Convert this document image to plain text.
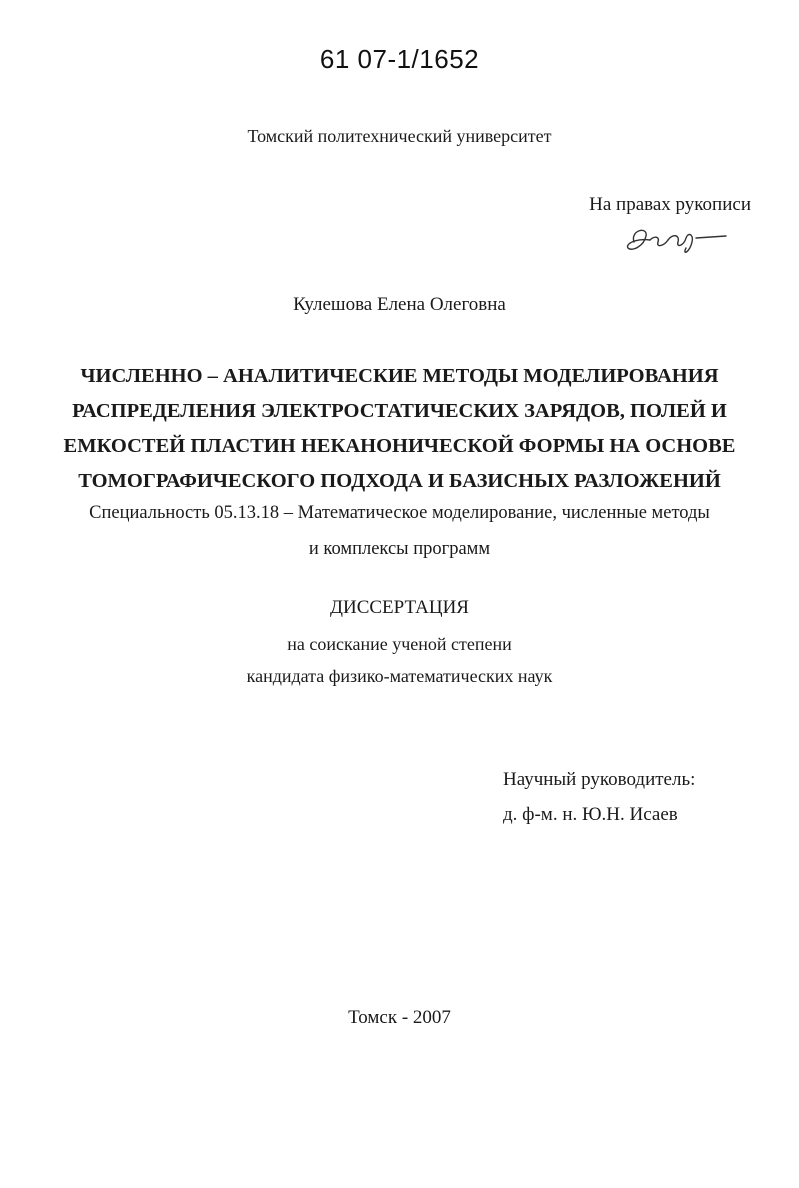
61 07-1/1652
Томский политехнический университет
На правах рукописи
Кулешова Елена Олеговна
ЧИСЛЕННО – АНАЛИТИЧЕСКИЕ МЕТОДЫ МОДЕЛИРОВАНИЯ
РАСПРЕДЕЛЕНИЯ ЭЛЕКТРОСТАТИЧЕСКИХ ЗАРЯДОВ, ПОЛЕЙ И
ЕМКОСТЕЙ ПЛАСТИН НЕКАНОНИЧЕСКОЙ ФОРМЫ НА ОСНОВЕ
ТОМОГРАФИЧЕСКОГО ПОДХОДА И БАЗИСНЫХ РАЗЛОЖЕНИЙ
Специальность 05.13.18 – Математическое моделирование, численные методы
и комплексы программ
ДИССЕРТАЦИЯ
на соискание ученой степени
кандидата физико-математических наук
Научный руководитель:
д. ф-м. н. Ю.Н. Исаев
Томск - 2007
